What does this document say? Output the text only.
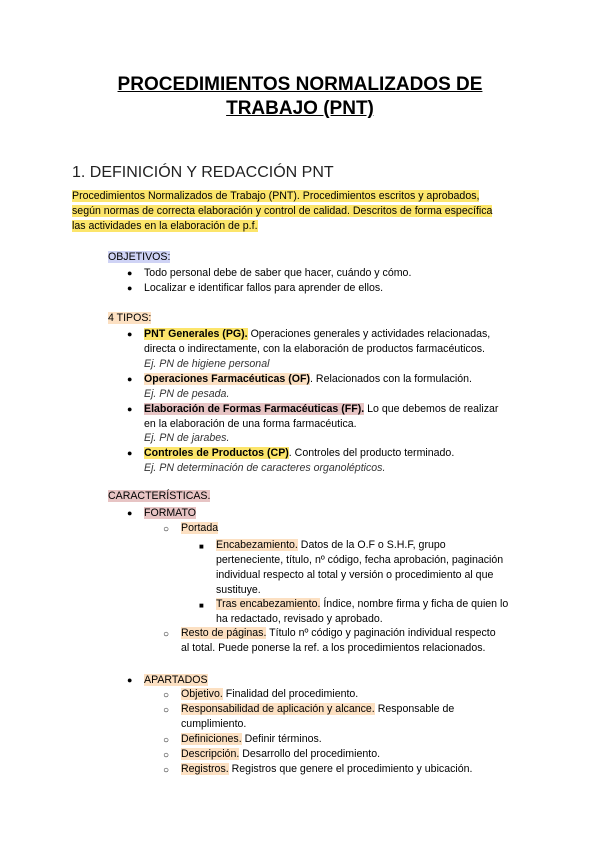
PROCEDIMIENTOS NORMALIZADOS DE
TRABAJO (PNT)
1. DEFINICIÓN Y REDACCIÓN PNT
Procedimientos Normalizados de Trabajo (PNT). Procedimientos escritos y aprobados,
según normas de correcta elaboración y control de calidad. Descritos de forma específica
las actividades en la elaboración de p.f.
OBJETIVOS:
● Todo personal debe de saber que hacer, cuándo y cómo.
● Localizar e identificar fallos para aprender de ellos.
4 TIPOS:
● PNT Generales (PG). Operaciones generales y actividades relacionadas,
directa o indirectamente, con la elaboración de productos farmacéuticos.
Ej. PN de higiene personal
● Operaciones Farmacéuticas (OF). Relacionados con la formulación.
Ej. PN de pesada.
● Elaboración de Formas Farmacéuticas (FF). Lo que debemos de realizar
en la elaboración de una forma farmacéutica.
Ej. PN de jarabes.
● Controles de Productos (CP). Controles del producto terminado.
Ej. PN determinación de caracteres organolépticos.
CARACTERÍSTICAS.
● FORMATO
○ Portada
■ Encabezamiento. Datos de la O.F o S.H.F, grupo
perteneciente, título, nº código, fecha aprobación, paginación
individual respecto al total y versión o procedimiento al que
sustituye.
■ Tras encabezamiento. Índice, nombre firma y ficha de quien lo
ha redactado, revisado y aprobado.
○ Resto de páginas. Título nº código y paginación individual respecto
al total. Puede ponerse la ref. a los procedimientos relacionados.
● APARTADOS
○ Objetivo. Finalidad del procedimiento.
○ Responsabilidad de aplicación y alcance. Responsable de
cumplimiento.
○ Definiciones. Definir términos.
○ Descripción. Desarrollo del procedimiento.
○ Registros. Registros que genere el procedimiento y ubicación.
